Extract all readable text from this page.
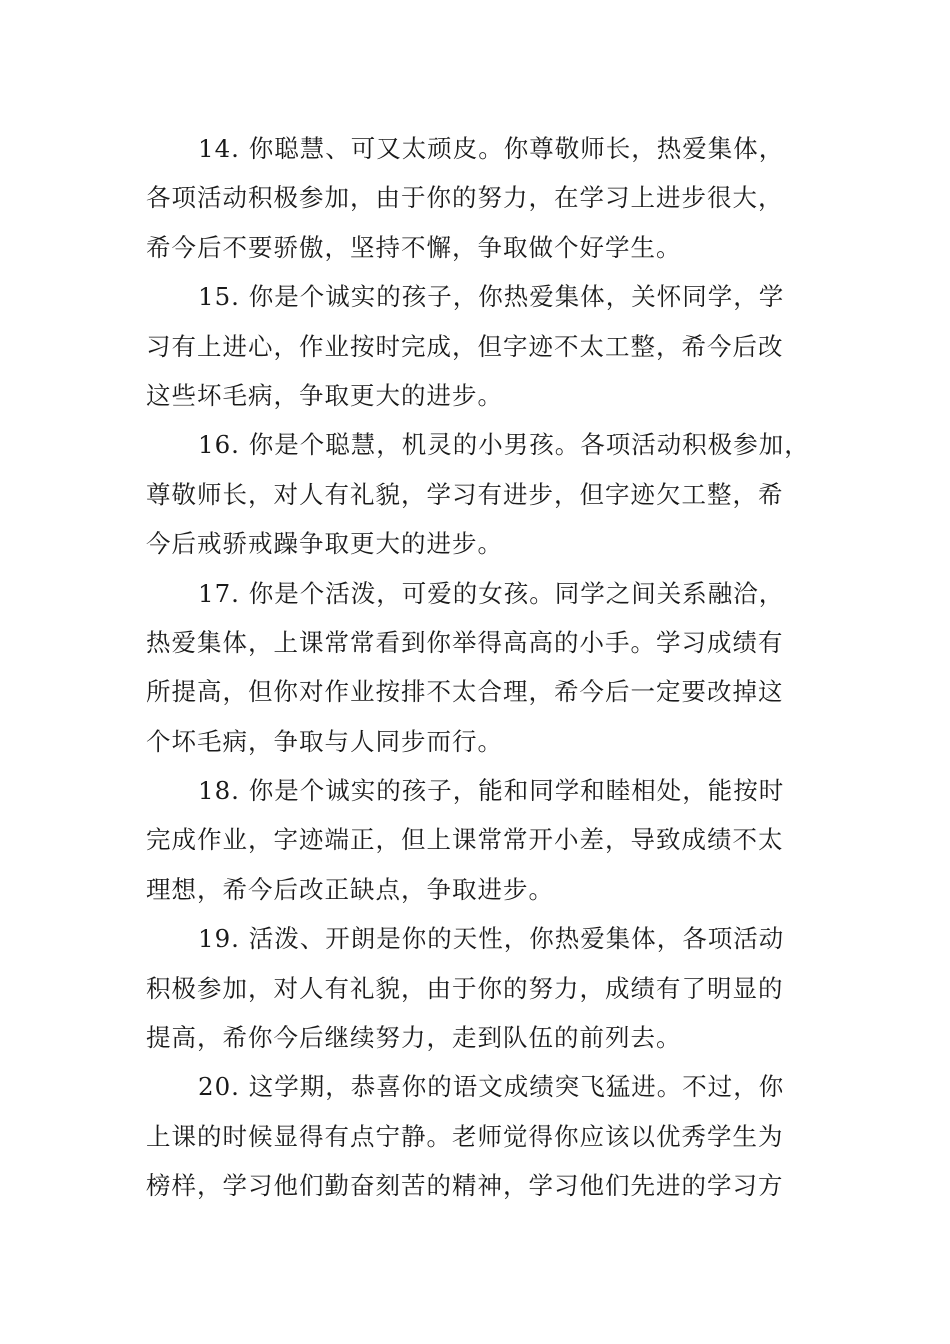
14. 你聪慧、可又太顽皮。你尊敬师长，热爱集体，
各项活动积极参加，由于你的努力，在学习上进步很大，
希今后不要骄傲，坚持不懈，争取做个好学生。
15. 你是个诚实的孩子，你热爱集体，关怀同学，学
习有上进心，作业按时完成，但字迹不太工整，希今后改
这些坏毛病，争取更大的进步。
16. 你是个聪慧，机灵的小男孩。各项活动积极参加，
尊敬师长，对人有礼貌，学习有进步，但字迹欠工整，希
今后戒骄戒躁争取更大的进步。
17. 你是个活泼，可爱的女孩。同学之间关系融洽，
热爱集体，上课常常看到你举得高高的小手。学习成绩有
所提高，但你对作业按排不太合理，希今后一定要改掉这
个坏毛病，争取与人同步而行。
18. 你是个诚实的孩子，能和同学和睦相处，能按时
完成作业，字迹端正，但上课常常开小差，导致成绩不太
理想，希今后改正缺点，争取进步。
19. 活泼、开朗是你的天性，你热爱集体，各项活动
积极参加，对人有礼貌，由于你的努力，成绩有了明显的
提高，希你今后继续努力，走到队伍的前列去。
20. 这学期，恭喜你的语文成绩突飞猛进。不过，你
上课的时候显得有点宁静。老师觉得你应该以优秀学生为
榜样，学习他们勤奋刻苦的精神，学习他们先进的学习方
